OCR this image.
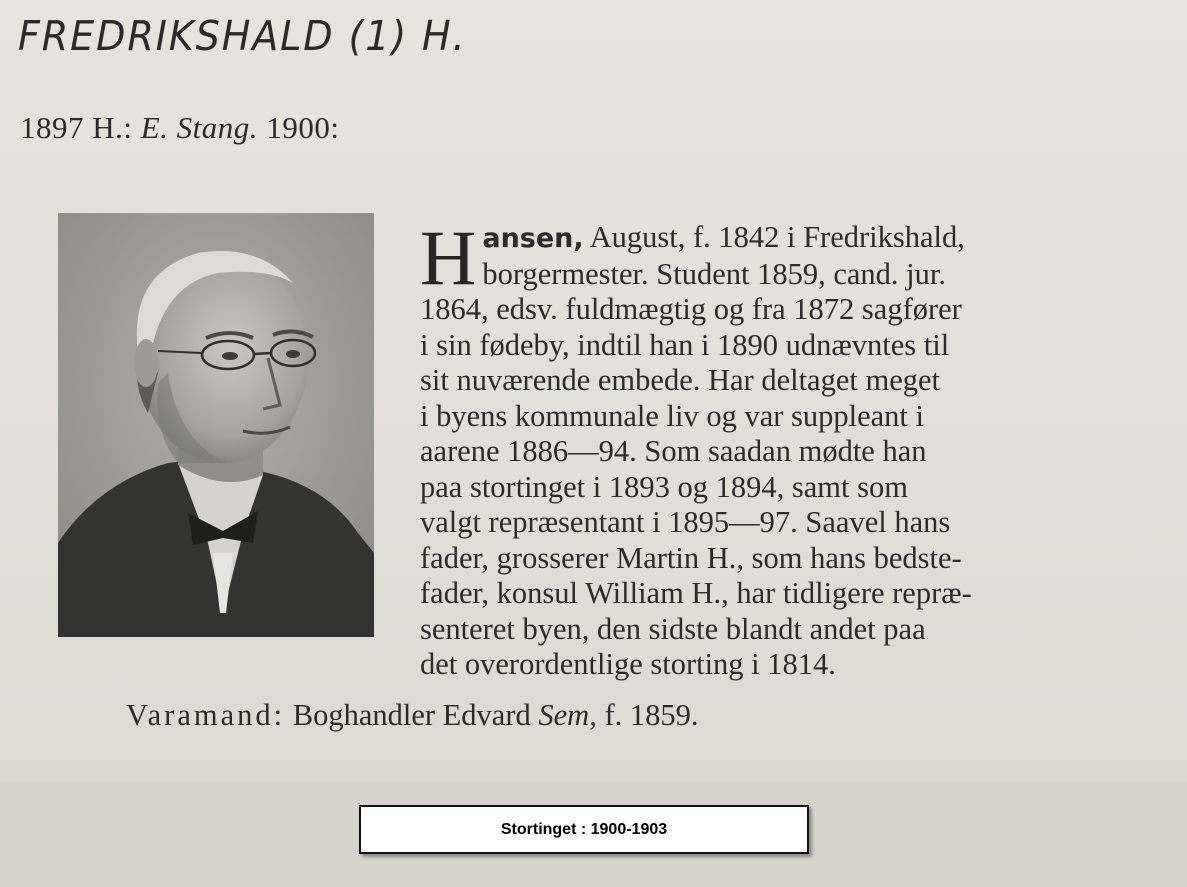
FREDRIKSHALD (1) H.
1897 H.: E. Stang. 1900:
H ansen, August, f. 1842 i Fredrikshald,
borgermester. Student 1859, cand. jur.
1864, edsv. fuldmægtig og fra 1872 sagfører
i sin fødeby, indtil han i 1890 udnævntes til
sit nuværende embede. Har deltaget meget
i byens kommunale liv og var suppleant i
aarene 1886—94. Som saadan mødte han
paa stortinget i 1893 og 1894, samt som
valgt repræsentant i 1895—97. Saavel hans
fader, grosserer Martin H., som hans bedste-
fader, konsul William H., har tidligere repræ-
senteret byen, den sidste blandt andet paa
det overordentlige storting i 1814.
Varamand: Boghandler Edvard Sem, f. 1859.
Stortinget : 1900-1903
